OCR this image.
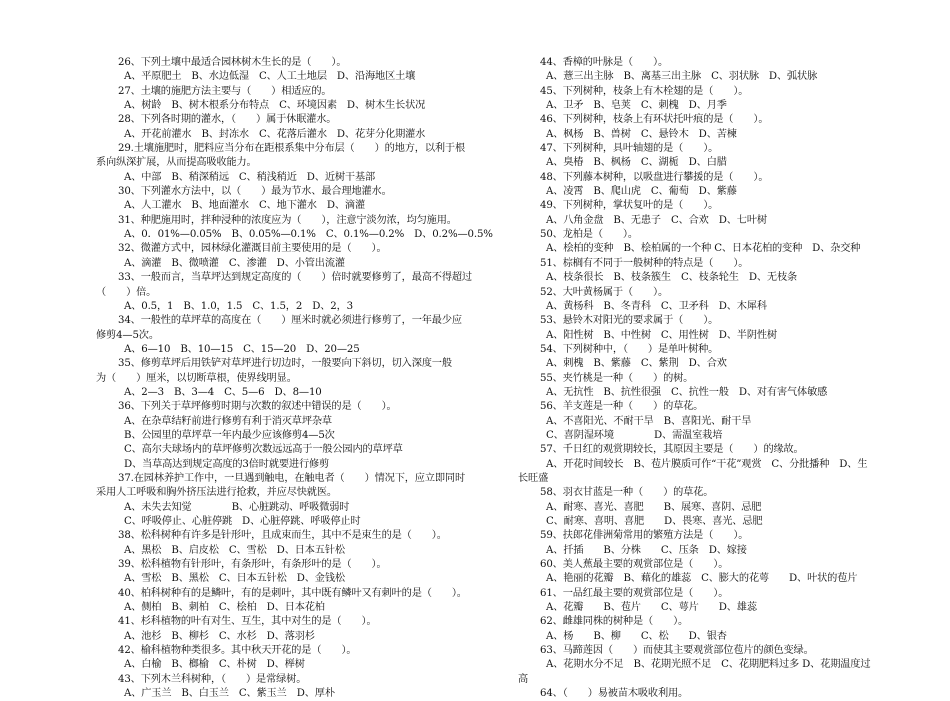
26、下列土壤中最适合园林树木生长的是（　　）。
A、平原肥土　B、水边低湿　C、人工土地层　D、沿海地区土壤
27、土壤的施肥方法主要与（　　）相适应的。
A、树龄　B、树木根系分布特点　C、环境因素　D、树木生长状况
28、下列各时期的灌水，（　　）属于休眠灌水。
A、开花前灌水　B、封冻水　C、花落后灌水　D、花芽分化期灌水
29.土壤施肥时，肥料应当分布在距根系集中分布层（　　）的地方，以利于根
系向纵深扩展，从而提高吸收能力。
A、中部　B、稍深稍远　C、稍浅稍近　D、近树干基部
30、下列灌水方法中，以（　　）最为节水、最合理地灌水。
A、人工灌水　B、地面灌水　C、地下灌水　D、滴灌
31、种肥施用时，拌种浸种的浓度应为（　　），注意宁淡勿浓，均匀施用。
A、0．01%—0.05%　B、0.05%—0.1%　C、0.1%—0.2%　D、0.2%—0.5%
32、微灌方式中，园林绿化灌溉目前主要使用的是（　　）。
A、滴灌　B、微喷灌　C、渗灌　D、小管出流灌
33、一般而言，当草坪达到规定高度的（　　）倍时就要修剪了，最高不得超过
（　　）倍。
A、0.5，1　B、1.0，1.5　C、1.5，2　D、2，3
34、一般性的草坪草的高度在（　　）厘米时就必须进行修剪了，一年最少应
修剪4—5次。
A、6—10　B、10—15　C、15—20　D、20—25
35、修剪草坪后用铁铲对草坪进行切边时，一般要向下斜切，切入深度一般
为（　　）厘米，以切断草根，使界线明显。
A、2—3　B、3—4　C、5—6　D、8—10
36、下列关于草坪修剪时期与次数的叙述中错误的是（　　）。
A、在杂草结籽前进行修剪有利于消灭草坪杂草
B、公园里的草坪草一年内最少应该修剪4—5次
C、高尔夫球场内的草坪修剪次数远远高于一般公园内的草坪草
D、当草高达到规定高度的3倍时就要进行修剪
37.在园林养护工作中，一旦遇到触电，在触电者（　　）情况下，应立即同时
采用人工呼吸和胸外挤压法进行抢救，并应尽快就医。
A、未失去知觉　　　　B、心脏跳动、呼吸微弱时
C、呼吸停止、心脏停跳　D、心脏停跳、呼吸停止时
38、松科树种有许多是针形叶，且成束而生，其中不是束生的是（　　）。
A、黑松　B、启皮松　C、雪松　D、日本五针松
39、松科植物有针形叶，有条形叶，有条形叶的是（　　）。
A、雪松　B、黑松　C、日本五针松　D、金钱松
40、柏科树种有的是鳞叶，有的是刺叶，其中既有鳞叶又有刺叶的是（　　）。
A、侧柏　B、刺柏　C、桧柏　D、日本花柏
41、杉科植物的叶有对生、互生，其中对生的是（　　）。
A、池杉　B、柳杉　C、水杉　D、落羽杉
42、榆科植物种类很多。其中秋天开花的是（　　）。
A、白榆　B、榔榆　C、朴树　D、榉树
43、下列木兰科树种，（　　）是常绿树。
A、广玉兰　B、白玉兰　C、紫玉兰　D、厚朴
44、香樟的叶脉是（　　）。
A、薏三出主脉　B、离基三出主脉　C、羽状脉　D、弧状脉
45、下列树种，枝条上有木栓翅的是（　　）。
A、卫矛　B、皂荚　C、刺槐　D、月季
46、下列树种，枝条上有环状托叶痕的是（　　）。
A、枫杨　B、兽树　C、悬铃木　D、苦楝
47、下列树种，具叶轴翅的是（　　）。
A、臭椿　B、枫杨　C、湖栀　D、白腊
48、下列藤本树种，以吸盘进行攀援的是（　　）。
A、凌霄　B、爬山虎　C、葡萄　D、紫藤
49、下列树种，掌状复叶的是（　　）。
A、八角金盘　B、无患子　C、合欢　D、七叶树
50、龙柏是（　　）。
A、桧柏的变种　B、桧柏属的一个种 C、日本花柏的变种　D、杂交种
51、棕榈有不同于一般树种的特点是（　　）。
A、枝条很长　B、枝条簇生　C、枝条轮生　D、无枝条
52、大叶黄杨属于（　　）。
A、黄杨科　B、冬青科　C、卫矛科　D、木犀科
53、悬铃木对阳光的要求属于（　　）。
A、阳性树　B、中性树　C、用性树　D、半阴性树
54、下列树种中，（　　）是单叶树种。
A、刺槐　B、紫藤　C、紫荆　D、合欢
55、夹竹桃是一种（　　）的树。
A、无抗性　B、抗性很强　C、抗性一般　D、对有害气体敏感
56、羊支莲是一种（　　）的草花。
A、不喜阳光、不耐干旱　B、喜阳光、耐干旱
C、喜阴湿环境　　　　D、需温室栽培
57、千日红的观赏期较长，其原因主要是（　　）的缘故。
A、开花时间较长　B、苞片膜质可作“干花”观赏　C、分批播种　D、生
长旺盛
58、羽衣甘蓝是一种（　　）的草花。
A、耐寒、喜光、喜肥　　B、展寒、喜阴、忌肥
C、耐寒、喜明、喜肥　　D、畏寒、喜光、忌肥
59、扶郎花俳洲菊常用的繁殖方法是（　　）。
A、扦插　　B、分株　　C、压条　D、嫁接
60、美人蕉最主要的观赏部位是（　　）。
A、艳丽的花瓣　B、藉化的雄蕊　C、膨大的花萼　　D、叶状的苞片
61、一品红最主要的观赏部位是（　　）。
A、花瓣　　B、苞片　　C、萼片　　D、雄蕊
62、雌雄同株的树种是（　　）。
A、杨　　B、柳　　C、松　　D、银杏
63、马蹄莲因（　　）而使其主要观赏部位苞片的颜色变绿。
A、花期水分不足　B、花期光照不足　C、花期肥料过多 D、花期温度过
高
64、（　　）易被苗木吸收利用。
